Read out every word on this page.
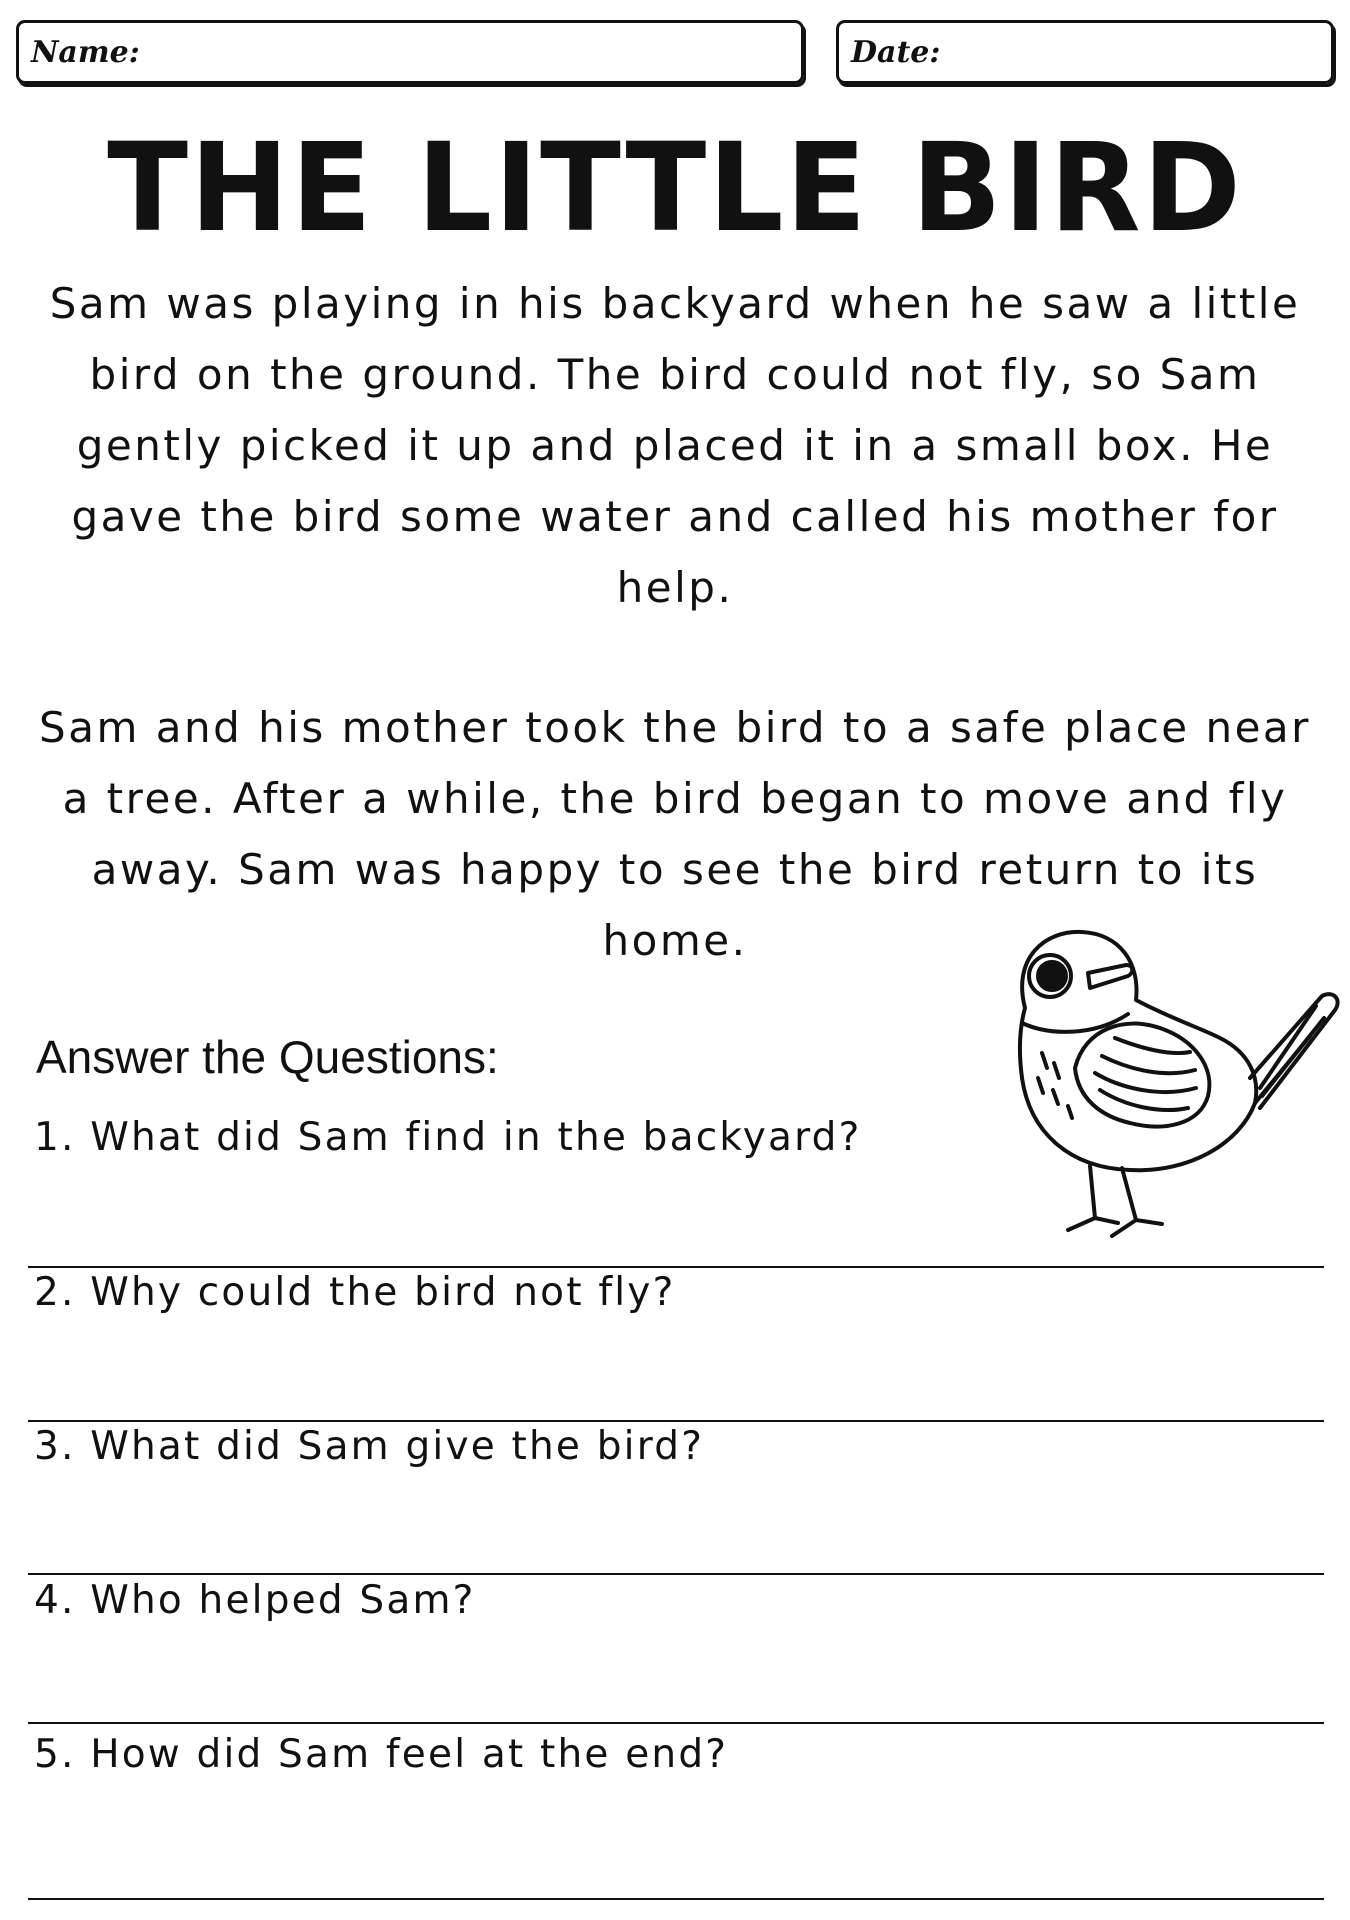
Name:	Date:
THE LITTLE BIRD

Sam was playing in his backyard when he saw a little bird on the ground. The bird could not fly, so Sam gently picked it up and placed it in a small box. He gave the bird some water and called his mother for help.

Sam and his mother took the bird to a safe place near a tree. After a while, the bird began to move and fly away. Sam was happy to see the bird return to its home.

Answer the Questions:

1. What did Sam find in the backyard?

2. Why could the bird not fly?

3. What did Sam give the bird?

4. Who helped Sam?

5. How did Sam feel at the end?
